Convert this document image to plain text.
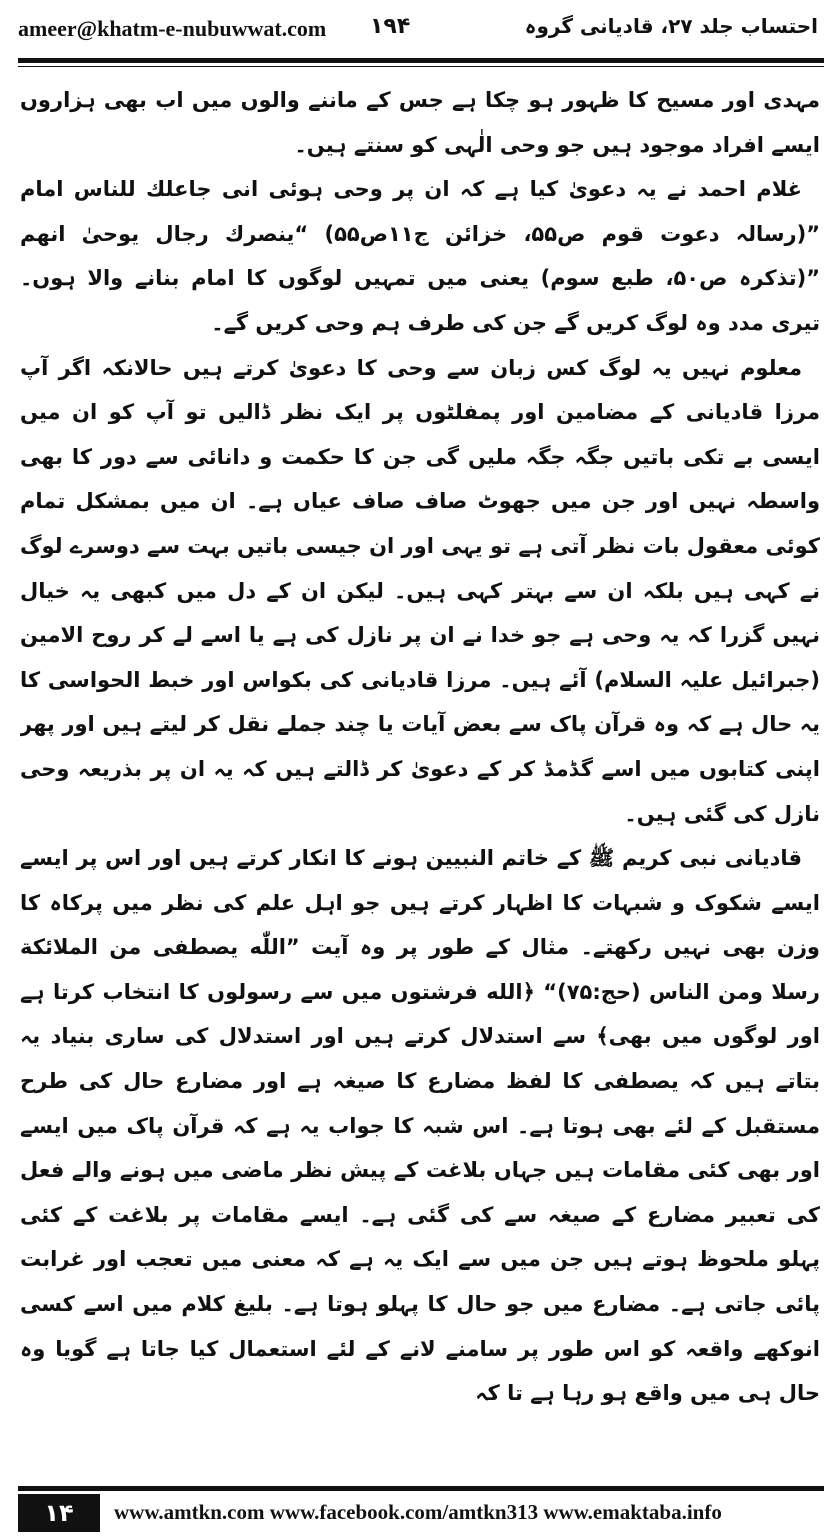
ameer@khatm-e-nubuwwat.com ۱۹۴	احتساب جلد ۲۷، قادیانی گروہ

مہدی اور مسیح کا ظہور ہو چکا ہے جس کے ماننے والوں میں اب بھی ہزاروں ایسے افراد موجود ہیں جو وحی الٰہی کو سنتے ہیں۔

غلام احمد نے یہ دعویٰ کیا ہے کہ ان پر وحی ہوئی انی جاعلك للناس امام ”(رسالہ دعوت قوم ص۵۵، خزائن ج۱۱ص۵۵) “ینصرك رجال یوحیٰ انهم ”(تذکرہ ص۵۰، طبع سوم) یعنی میں تمہیں لوگوں کا امام بنانے والا ہوں۔ تیری مدد وہ لوگ کریں گے جن کی طرف ہم وحی کریں گے۔

معلوم نہیں یہ لوگ کس زبان سے وحی کا دعویٰ کرتے ہیں حالانکہ اگر آپ مرزا قادیانی کے مضامین اور پمفلٹوں پر ایک نظر ڈالیں تو آپ کو ان میں ایسی بے تکی باتیں جگہ جگہ ملیں گی جن کا حکمت و دانائی سے دور کا بھی واسطہ نہیں اور جن میں جھوٹ صاف صاف عیاں ہے۔ ان میں بمشکل تمام کوئی معقول بات نظر آتی ہے تو یہی اور ان جیسی باتیں بہت سے دوسرے لوگ نے کہی ہیں بلکہ ان سے بہتر کہی ہیں۔ لیکن ان کے دل میں کبھی یہ خیال نہیں گزرا کہ یہ وحی ہے جو خدا نے ان پر نازل کی ہے یا اسے لے کر روح الامین (جبرائیل علیہ السلام) آئے ہیں۔ مرزا قادیانی کی بکواس اور خبط الحواسی کا یہ حال ہے کہ وہ قرآن پاک سے بعض آیات یا چند جملے نقل کر لیتے ہیں اور پھر اپنی کتابوں میں اسے گڈمڈ کر کے دعویٰ کر ڈالتے ہیں کہ یہ ان پر بذریعہ وحی نازل کی گئی ہیں۔

قادیانی نبی کریم ﷺ کے خاتم النبیین ہونے کا انکار کرتے ہیں اور اس پر ایسے ایسے شکوک و شبہات کا اظہار کرتے ہیں جو اہل علم کی نظر میں پرکاہ کا وزن بھی نہیں رکھتے۔ مثال کے طور پر وہ آیت ”اللّٰه یصطفی من الملائکة رسلا ومن الناس (حج:۷۵)“ ﴿الله فرشتوں میں سے رسولوں کا انتخاب کرتا ہے اور لوگوں میں بھی﴾ سے استدلال کرتے ہیں اور استدلال کی ساری بنیاد یہ بتاتے ہیں کہ یصطفی کا لفظ مضارع کا صیغہ ہے اور مضارع حال کی طرح مستقبل کے لئے بھی ہوتا ہے۔ اس شبہ کا جواب یہ ہے کہ قرآن پاک میں ایسے اور بھی کئی مقامات ہیں جہاں بلاغت کے پیش نظر ماضی میں ہونے والے فعل کی تعبیر مضارع کے صیغہ سے کی گئی ہے۔ ایسے مقامات پر بلاغت کے کئی پہلو ملحوظ ہوتے ہیں جن میں سے ایک یہ ہے کہ معنی میں تعجب اور غرابت پائی جاتی ہے۔ مضارع میں جو حال کا پہلو ہوتا ہے۔ بلیغ کلام میں اسے کسی انوکھے واقعہ کو اس طور پر سامنے لانے کے لئے استعمال کیا جاتا ہے گویا وہ حال ہی میں واقع ہو رہا ہے تا کہ

۱۴	www.amtkn.com www.facebook.com/amtkn313 www.emaktaba.info
